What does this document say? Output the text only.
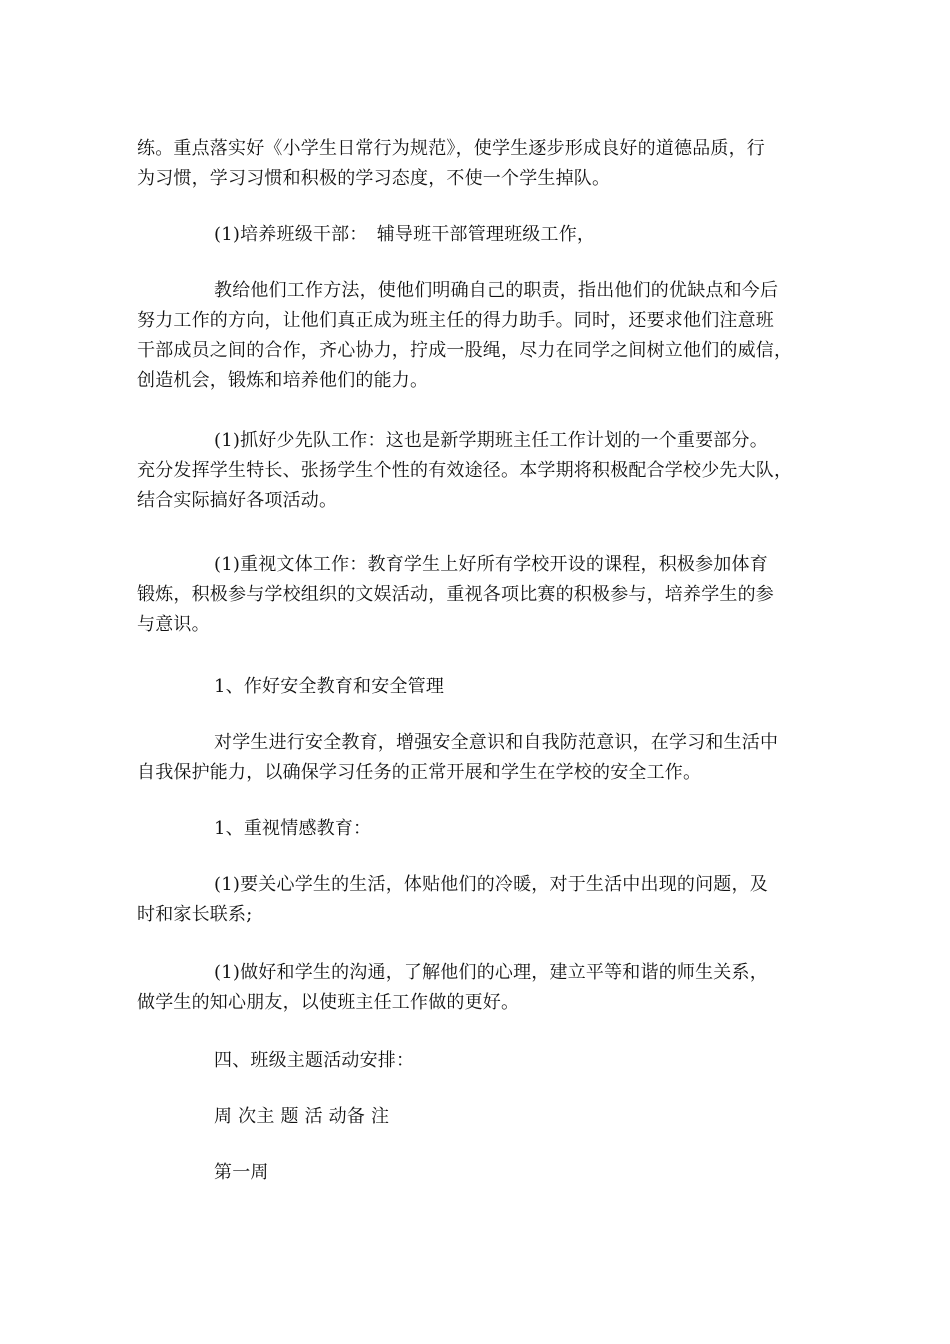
练。重点落实好《小学生日常行为规范》，使学生逐步形成良好的道德品质，行
为习惯，学习习惯和积极的学习态度，不使一个学生掉队。

(1)培养班级干部：　辅导班干部管理班级工作，

教给他们工作方法，使他们明确自己的职责，指出他们的优缺点和今后
努力工作的方向，让他们真正成为班主任的得力助手。同时，还要求他们注意班
干部成员之间的合作，齐心协力，拧成一股绳，尽力在同学之间树立他们的威信，
创造机会，锻炼和培养他们的能力。

(1)抓好少先队工作：这也是新学期班主任工作计划的一个重要部分。
充分发挥学生特长、张扬学生个性的有效途径。本学期将积极配合学校少先大队，
结合实际搞好各项活动。

(1)重视文体工作：教育学生上好所有学校开设的课程，积极参加体育
锻炼，积极参与学校组织的文娱活动，重视各项比赛的积极参与，培养学生的参
与意识。

1、作好安全教育和安全管理

对学生进行安全教育，增强安全意识和自我防范意识，在学习和生活中
自我保护能力，以确保学习任务的正常开展和学生在学校的安全工作。

1、重视情感教育：

(1)要关心学生的生活，体贴他们的冷暖，对于生活中出现的问题，及
时和家长联系;

(1)做好和学生的沟通，了解他们的心理，建立平等和谐的师生关系，
做学生的知心朋友，以使班主任工作做的更好。

四、班级主题活动安排：

周 次主 题 活 动备 注

第一周
